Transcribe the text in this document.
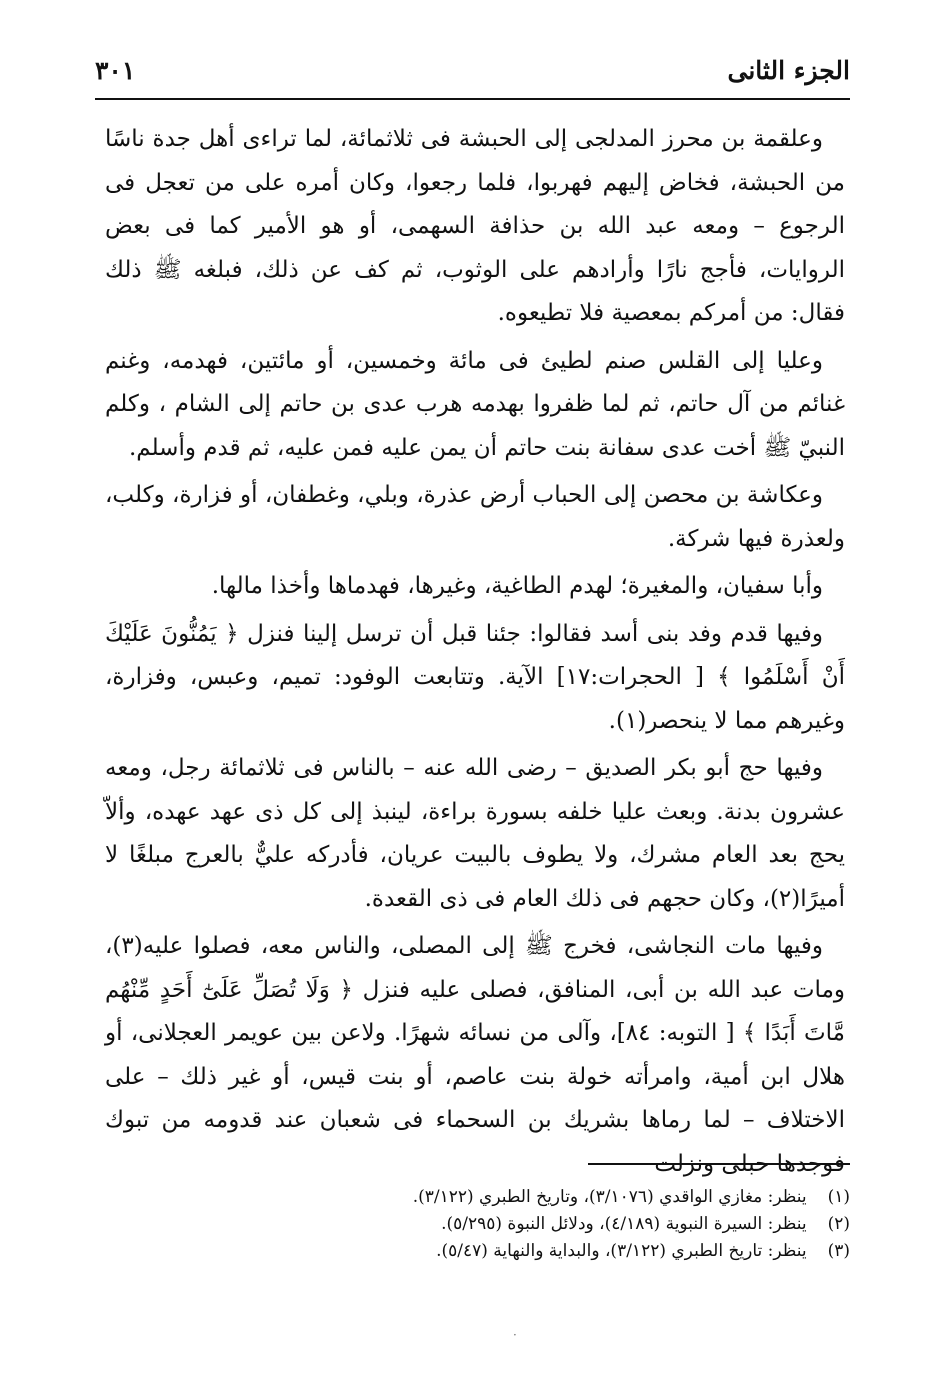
الجزء الثانى
٣٠١

وعلقمة بن محرز المدلجى إلى الحبشة فى ثلاثمائة، لما تراءى أهل جدة ناسًا من الحبشة، فخاض إليهم فهربوا، فلما رجعوا، وكان أمره على من تعجل فى الرجوع – ومعه عبد الله بن حذافة السهمى، أو هو الأمير كما فى بعض الروايات، فأجج نارًا وأرادهم على الوثوب، ثم كف عن ذلك، فبلغه ﷺ ذلك فقال: من أمركم بمعصية فلا تطيعوه.

وعليا إلى القلس صنم لطيئ فى مائة وخمسين، أو مائتين، فهدمه، وغنم غنائم من آل حاتم، ثم لما ظفروا بهدمه هرب عدى بن حاتم إلى الشام ، وكلم النبيّ ﷺ أخت عدى سفانة بنت حاتم أن يمن عليه فمن عليه، ثم قدم وأسلم.

وعكاشة بن محصن إلى الحباب أرض عذرة، وبلي، وغطفان، أو فزارة، وكلب، ولعذرة فيها شركة.

وأبا سفيان، والمغيرة؛ لهدم الطاغية، وغيرها، فهدماها وأخذا مالها.

وفيها قدم وفد بنى أسد فقالوا: جئنا قبل أن ترسل إلينا فنزل ﴿ يَمُنُّونَ عَلَيْكَ أَنْ أَسْلَمُوا ﴾ [ الحجرات:١٧] الآية. وتتابعت الوفود: تميم، وعبس، وفزارة، وغيرهم مما لا ينحصر(١).

وفيها حج أبو بكر الصديق – رضى الله عنه – بالناس فى ثلاثمائة رجل، ومعه عشرون بدنة. وبعث عليا خلفه بسورة براءة، لينبذ إلى كل ذى عهد عهده، وألاّ يحج بعد العام مشرك، ولا يطوف بالبيت عريان، فأدركه عليٌّ بالعرج مبلغًا لا أميرًا(٢)، وكان حجهم فى ذلك العام فى ذى القعدة.

وفيها مات النجاشى، فخرج ﷺ إلى المصلى، والناس معه، فصلوا عليه(٣)، ومات عبد الله بن أبى، المنافق، فصلى عليه فنزل ﴿ وَلَا تُصَلِّ عَلَىٰٓ أَحَدٍ مِّنْهُم مَّاتَ أَبَدًا ﴾ [ التوبه: ٨٤]، وآلى من نسائه شهرًا. ولاعن بين عويمر العجلانى، أو هلال ابن أمية، وامرأته خولة بنت عاصم، أو بنت قيس، أو غير ذلك – على الاختلاف – لما رماها بشريك بن السحماء فى شعبان عند قدومه من تبوك فوجدها حبلى ونزلت

(١) ينظر: مغازي الواقدي (٣/١٠٧٦)، وتاريخ الطبري (٣/١٢٢).

(٢) ينظر: السيرة النبوية (٤/١٨٩)، ودلائل النبوة (٥/٢٩٥).

(٣) ينظر: تاريخ الطبري (٣/١٢٢)، والبداية والنهاية (٥/٤٧).

·
